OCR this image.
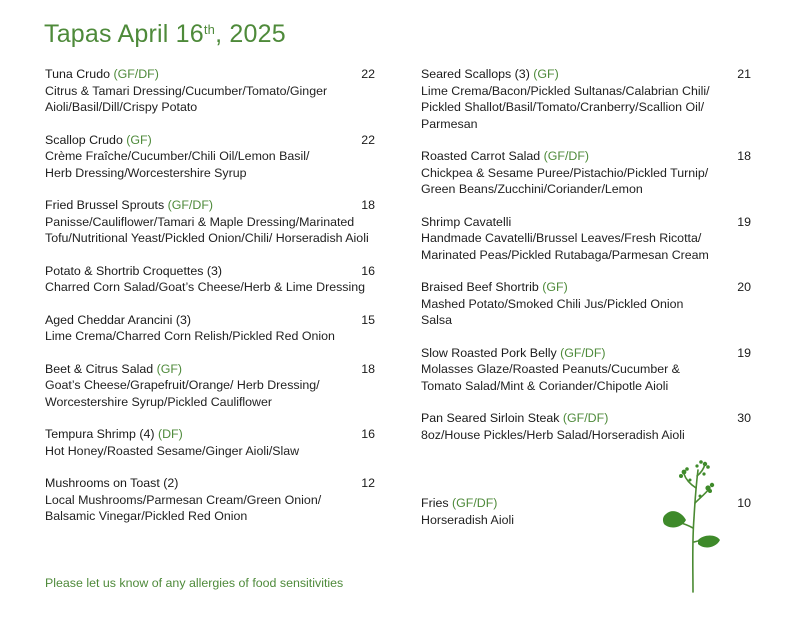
Tapas April 16th, 2025
Tuna Crudo (GF/DF)	22
Citrus & Tamari Dressing/Cucumber/Tomato/Ginger
Aioli/Basil/Dill/Crispy Potato
Scallop Crudo (GF)	22
Crème Fraîche/Cucumber/Chili Oil/Lemon Basil/
Herb Dressing/Worcestershire Syrup
Fried Brussel Sprouts (GF/DF)	18
Panisse/Cauliflower/Tamari & Maple Dressing/Marinated
Tofu/Nutritional Yeast/Pickled Onion/Chili/ Horseradish Aioli
Potato & Shortrib Croquettes (3)	16
Charred Corn Salad/Goat’s Cheese/Herb & Lime Dressing
Aged Cheddar Arancini (3)	15
Lime Crema/Charred Corn Relish/Pickled Red Onion
Beet & Citrus Salad (GF)	18
Goat’s Cheese/Grapefruit/Orange/ Herb Dressing/
Worcestershire Syrup/Pickled Cauliflower
Tempura Shrimp (4) (DF)	16
Hot Honey/Roasted Sesame/Ginger Aioli/Slaw
Mushrooms on Toast (2)	12
Local Mushrooms/Parmesan Cream/Green Onion/
Balsamic Vinegar/Pickled Red Onion
Seared Scallops (3) (GF)	21
Lime Crema/Bacon/Pickled Sultanas/Calabrian Chili/
Pickled Shallot/Basil/Tomato/Cranberry/Scallion Oil/
Parmesan
Roasted Carrot Salad (GF/DF)	18
Chickpea & Sesame Puree/Pistachio/Pickled Turnip/
Green Beans/Zucchini/Coriander/Lemon
Shrimp Cavatelli	19
Handmade Cavatelli/Brussel Leaves/Fresh Ricotta/
Marinated Peas/Pickled Rutabaga/Parmesan Cream
Braised Beef Shortrib (GF)	20
Mashed Potato/Smoked Chili Jus/Pickled Onion
Salsa
Slow Roasted Pork Belly (GF/DF)	19
Molasses Glaze/Roasted Peanuts/Cucumber &
Tomato Salad/Mint & Coriander/Chipotle Aioli
Pan Seared Sirloin Steak (GF/DF)	30
8oz/House Pickles/Herb Salad/Horseradish Aioli
Fries (GF/DF)	10
Horseradish Aioli
Please let us know of any allergies of food sensitivities
